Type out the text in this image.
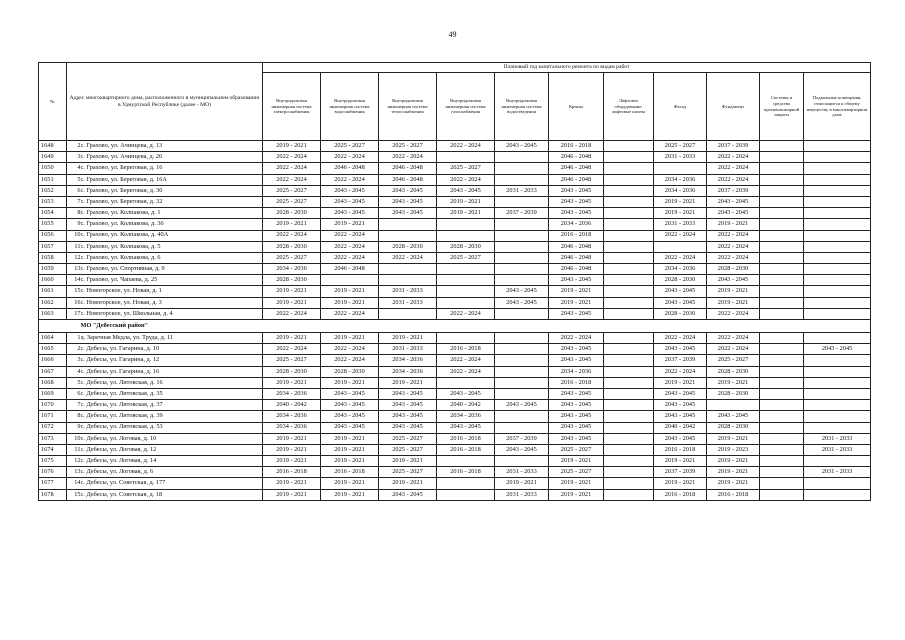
49
№	Адрес многоквартирного дома, расположенного в муниципальном образовании в Удмуртской Республике (далее - МО)		Плановый год капитального ремонта по видам работ										
			Внутридомовая инженерная система электроснабжения	Внутридомовая инженерная система водоснабжения	Внутридомовая инженерная система теплоснабжения	Внутридомовая инженерная система газоснабжения	Внутридомовая инженерная система водоотведения	Крыша	Лифтовое оборудование, лифтовые шахты	Фасад	Фундамент	Системы и средства противопожарной защиты	Подвальные помещения, относящиеся к общему имуществу в многоквартирном доме
1648	2	с. Грахово, ул. Ачинцева, д. 13	2019 - 2021	2025 - 2027	2025 - 2027	2022 - 2024	2043 - 2045	2016 - 2018		2025 - 2027	2037 - 2039		
1649	3	с. Грахово, ул. Ачинцева, д. 26	2022 - 2024	2022 - 2024	2022 - 2024			2046 - 2048		2031 - 2033	2022 - 2024		
1650	4	с. Грахово, ул. Береговая, д. 16	2022 - 2024	2046 - 2048	2046 - 2048	2025 - 2027		2046 - 2048			2022 - 2024		
1651	5	с. Грахово, ул. Береговая, д. 16А	2022 - 2024	2022 - 2024	2046 - 2048	2022 - 2024		2046 - 2048		2034 - 2036	2022 - 2024		
1652	6	с. Грахово, ул. Береговая, д. 30	2025 - 2027	2043 - 2045	2043 - 2045	2043 - 2045	2031 - 2033	2043 - 2045		2034 - 2036	2037 - 2039		
1653	7	с. Грахово, ул. Береговая, д. 32	2025 - 2027	2043 - 2045	2043 - 2045	2019 - 2021		2043 - 2045		2019 - 2021	2043 - 2045		
1654	8	с. Грахово, ул. Колпакова, д. 1	2028 - 2030	2043 - 2045	2043 - 2045	2019 - 2021	2037 - 2039	2043 - 2045		2019 - 2021	2043 - 2045		
1655	9	с. Грахово, ул. Колпакова, д. 36	2019 - 2021	2019 - 2021				2034 - 2036		2031 - 2033	2019 - 2021		
1656	10	с. Грахово, ул. Колпакова, д. 40А	2022 - 2024	2022 - 2024				2016 - 2018		2022 - 2024	2022 - 2024		
1657	11	с. Грахово, ул. Колпакова, д. 5	2028 - 2030	2022 - 2024	2028 - 2030	2028 - 2030		2046 - 2048			2022 - 2024		
1658	12	с. Грахово, ул. Колпакова, д. 6	2025 - 2027	2022 - 2024	2022 - 2024	2025 - 2027		2046 - 2048		2022 - 2024	2022 - 2024		
1659	13	с. Грахово, ул. Спортивная, д. 9	2034 - 2036	2046 - 2048				2046 - 2048		2034 - 2036	2028 - 2030		
1660	14	с. Грахово, ул. Чапаева, д. 25	2028 - 2030					2043 - 2045		2028 - 2030	2043 - 2045		
1661	15	с. Новогорское, ул. Новая, д. 1	2019 - 2021	2019 - 2021	2031 - 2033		2043 - 2045	2019 - 2021		2043 - 2045	2019 - 2021		
1662	16	с. Новогорское, ул. Новая, д. 3	2019 - 2021	2019 - 2021	2031 - 2033		2043 - 2045	2019 - 2021		2043 - 2045	2019 - 2021		
1663	17	с. Новогорское, ул. Школьная, д. 4	2022 - 2024	2022 - 2024		2022 - 2024		2043 - 2045		2028 - 2030	2022 - 2024		
		МО "Дебесский район"											
1664	1	д. Заречная Медла, ул. Труда, д. 11	2019 - 2021	2019 - 2021	2019 - 2021			2022 - 2024		2022 - 2024	2022 - 2024		
1665	2	с. Дебесы, ул. Гагарина, д. 10	2022 - 2024	2022 - 2024	2031 - 2033	2016 - 2018		2043 - 2045		2043 - 2045	2022 - 2024		2043 - 2045
1666	3	с. Дебесы, ул. Гагарина, д. 12	2025 - 2027	2022 - 2024	2034 - 2036	2022 - 2024		2043 - 2045		2037 - 2039	2025 - 2027		
1667	4	с. Дебесы, ул. Гагарина, д. 16	2028 - 2030	2028 - 2030	2034 - 2036	2022 - 2024		2034 - 2036		2022 - 2024	2028 - 2030		
1668	5	с. Дебесы, ул. Литовская, д. 16	2019 - 2021	2019 - 2021	2019 - 2021			2016 - 2018		2019 - 2021	2019 - 2021		
1669	6	с. Дебесы, ул. Литовская, д. 35	2034 - 2036	2043 - 2045	2043 - 2045	2043 - 2045		2043 - 2045		2043 - 2045	2028 - 2030		
1670	7	с. Дебесы, ул. Литовская, д. 37	2040 - 2042	2043 - 2045	2043 - 2045	2040 - 2042	2043 - 2045	2043 - 2045		2043 - 2045			
1671	8	с. Дебесы, ул. Литовская, д. 39	2034 - 2036	2043 - 2045	2043 - 2045	2034 - 2036		2043 - 2045		2043 - 2045	2043 - 2045		
1672	9	с. Дебесы, ул. Литовская, д. 53	2034 - 2036	2043 - 2045	2043 - 2045	2043 - 2045		2043 - 2045		2040 - 2042	2028 - 2030		
1673	10	с. Дебесы, ул. Логовая, д. 10	2019 - 2021	2019 - 2021	2025 - 2027	2016 - 2018	2037 - 2039	2043 - 2045		2043 - 2045	2019 - 2021		2031 - 2033
1674	11	с. Дебесы, ул. Логовая, д. 12	2019 - 2021	2019 - 2021	2025 - 2027	2016 - 2018	2043 - 2045	2025 - 2027		2016 - 2018	2019 - 2023		2031 - 2033
1675	12	с. Дебесы, ул. Логовая, д. 14	2019 - 2021	2019 - 2021	2019 - 2021			2019 - 2021		2019 - 2021	2019 - 2021		
1676	13	с. Дебесы, ул. Логовая, д. 6	2016 - 2018	2016 - 2018	2025 - 2027	2016 - 2018	2031 - 2033	2025 - 2027		2037 - 2039	2019 - 2021		2031 - 2033
1677	14	с. Дебесы, ул. Советская, д. 177	2019 - 2021	2019 - 2021	2019 - 2021		2019 - 2021	2019 - 2021		2019 - 2021	2019 - 2021		
1678	15	с. Дебесы, ул. Советская, д. 18	2019 - 2021	2019 - 2021	2043 - 2045		2031 - 2033	2019 - 2021		2016 - 2018	2016 - 2018		
